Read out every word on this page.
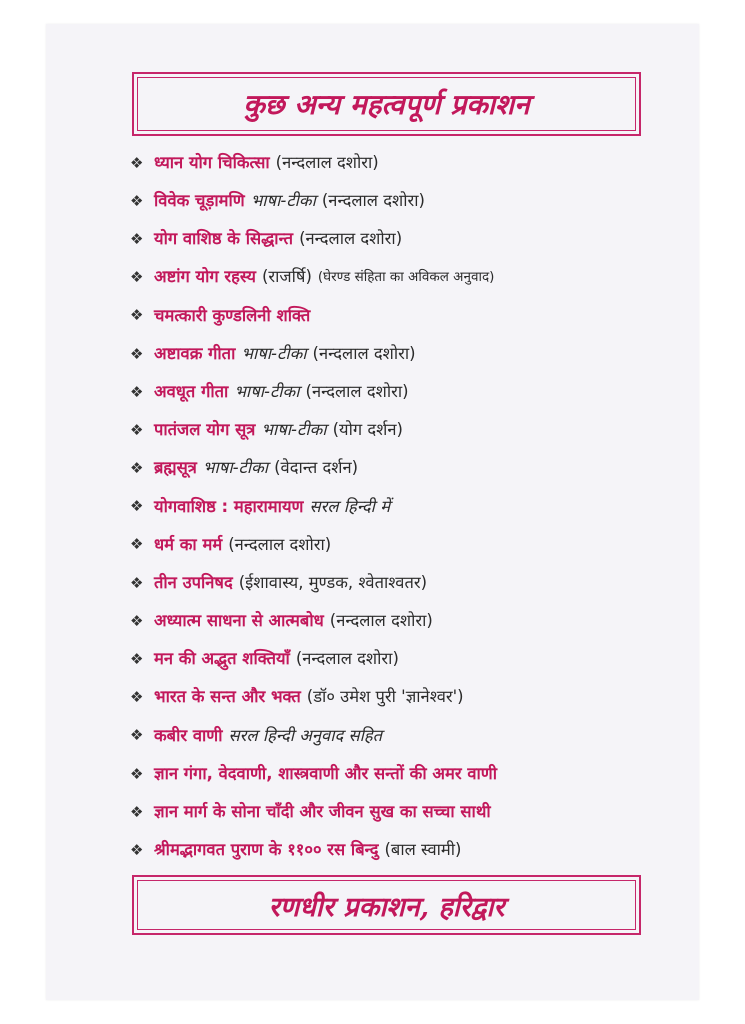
कुछ अन्य महत्वपूर्ण प्रकाशन
❖ ध्यान योग चिकित्सा (नन्दलाल दशोरा)
❖ विवेक चूड़ामणि भाषा-टीका (नन्दलाल दशोरा)
❖ योग वाशिष्ठ के सिद्धान्त (नन्दलाल दशोरा)
❖ अष्टांग योग रहस्य (राजर्षि) (घेरण्ड संहिता का अविकल अनुवाद)
❖ चमत्कारी कुण्डलिनी शक्ति
❖ अष्टावक्र गीता भाषा-टीका (नन्दलाल दशोरा)
❖ अवधूत गीता भाषा-टीका (नन्दलाल दशोरा)
❖ पातंजल योग सूत्र भाषा-टीका (योग दर्शन)
❖ ब्रह्मसूत्र भाषा-टीका (वेदान्त दर्शन)
❖ योगवाशिष्ठ : महारामायण सरल हिन्दी में
❖ धर्म का मर्म (नन्दलाल दशोरा)
❖ तीन उपनिषद (ईशावास्य, मुण्डक, श्वेताश्वतर)
❖ अध्यात्म साधना से आत्मबोध (नन्दलाल दशोरा)
❖ मन की अद्भुत शक्तियाँ (नन्दलाल दशोरा)
❖ भारत के सन्त और भक्त (डॉ० उमेश पुरी 'ज्ञानेश्वर')
❖ कबीर वाणी सरल हिन्दी अनुवाद सहित
❖ ज्ञान गंगा, वेदवाणी, शास्त्रवाणी और सन्तों की अमर वाणी
❖ ज्ञान मार्ग के सोना चाँदी और जीवन सुख का सच्चा साथी
❖ श्रीमद्भागवत पुराण के ११०० रस बिन्दु (बाल स्वामी)
रणधीर प्रकाशन, हरिद्वार
